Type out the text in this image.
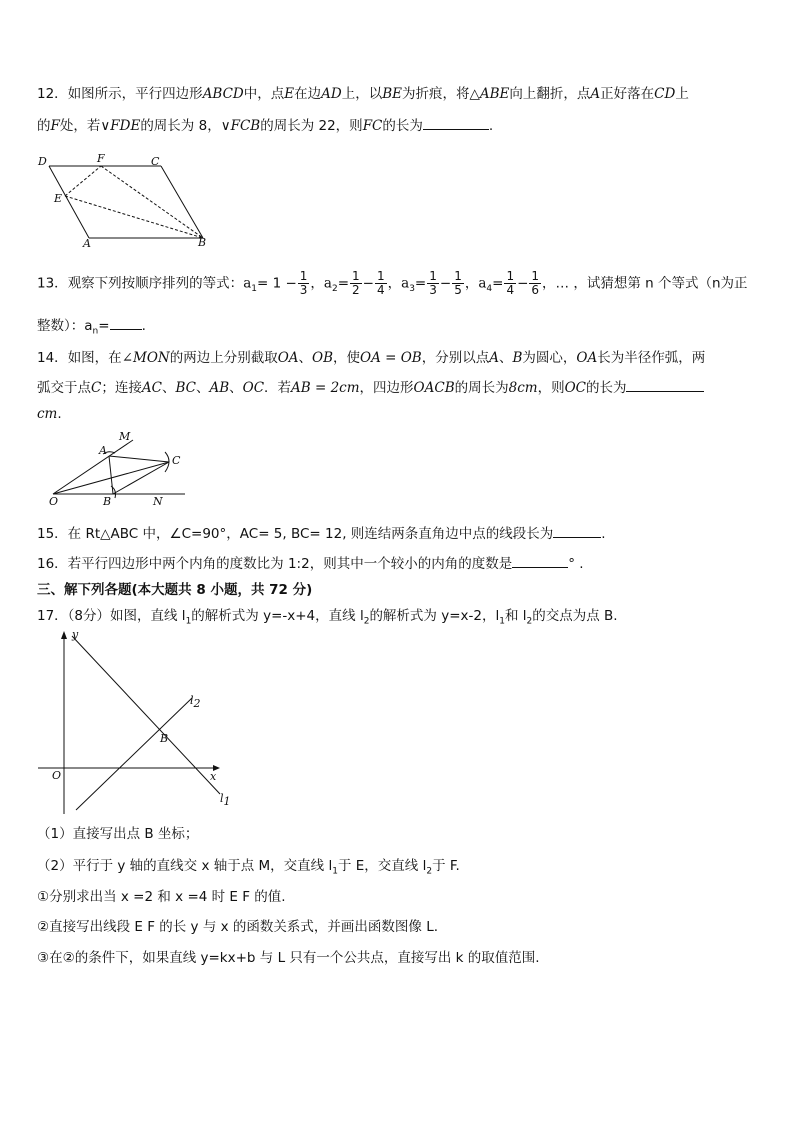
12．如图所示，平行四边形ABCD中，点E在边AD上，以BE为折痕，将△ABE向上翻折，点A正好落在CD上
的F处，若∨FDE的周长为 8，∨FCB的周长为 22，则FC的长为	.
D	F	C
E
A	B
13．观察下列按顺序排列的等式：$a_1= 1 - \frac{1}{3}$ ，$a_2= \frac{1}{2} - \frac{1}{4}$ ，$a_3= \frac{1}{3} - \frac{1}{5}$ ，$a_4= \frac{1}{4} - \frac{1}{6}$ ，… ，试猜想第 n 个等式（n为正
整数）：$a_n=$ .
14．如图，在∠MON的两边上分别截取OA、OB，使OA = OB，分别以点A、B为圆心，OA长为半径作弧，两
弧交于点C；连接AC、BC、AB、OC．若AB = 2cm，四边形OACB的周长为8cm，则OC的长为
cm.
M
A
C
O	B	N
15．在 Rt△ABC 中，∠C=90°，AC= 5, BC= 12, 则连结两条直角边中点的线段长为	.
16．若平行四边形中两个内角的度数比为 1:2，则其中一个较小的内角的度数是	° .
三、解下列各题(本大题共 8 小题，共 72 分)
17．（8分）如图，直线 $l_1$的解析式为 y=-x+4，直线 $l_2$的解析式为 y=x-2，$l_1$和 $l_2$的交点为点 B.
y
x
O
B
l2
l1
（1）直接写出点 B 坐标；
（2）平行于 y 轴的直线交 x 轴于点 M，交直线 $l_1$于 E，交直线 $l_2$于 F.
①分别求出当 x =2 和 x =4 时 E F 的值.
②直接写出线段 E F 的长 y 与 x 的函数关系式，并画出函数图像 L.
③在②的条件下，如果直线 y=kx+b 与 L 只有一个公共点，直接写出 k 的取值范围.
